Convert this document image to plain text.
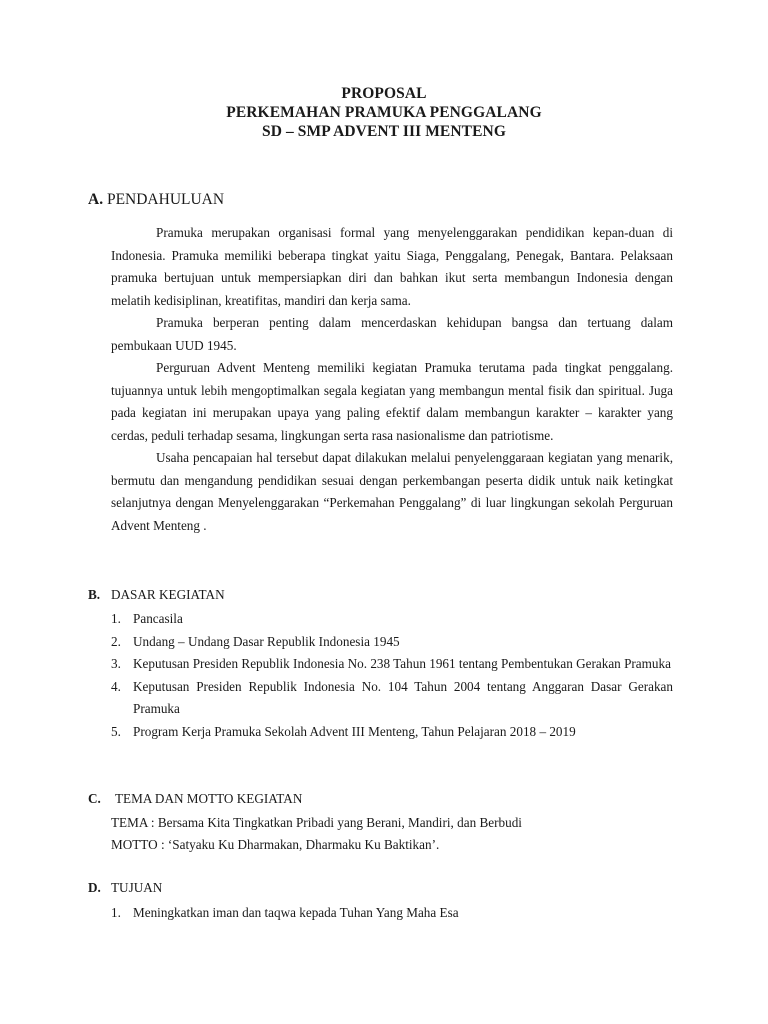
PROPOSAL
PERKEMAHAN PRAMUKA PENGGALANG
SD – SMP ADVENT III MENTENG
A. PENDAHULUAN

Pramuka merupakan organisasi formal yang menyelenggarakan pendidikan kepan-duan di Indonesia. Pramuka memiliki beberapa tingkat yaitu Siaga, Penggalang, Penegak, Bantara. Pelaksaan pramuka bertujuan untuk mempersiapkan diri dan bahkan ikut serta membangun Indonesia dengan melatih kedisiplinan, kreatifitas, mandiri dan kerja sama.

Pramuka berperan penting dalam mencerdaskan kehidupan bangsa dan tertuang dalam pembukaan UUD 1945.

Perguruan Advent Menteng memiliki kegiatan Pramuka terutama pada tingkat penggalang. tujuannya untuk lebih mengoptimalkan segala kegiatan yang membangun mental fisik dan spiritual. Juga pada kegiatan ini merupakan upaya yang paling efektif dalam membangun karakter – karakter yang cerdas, peduli terhadap sesama, lingkungan serta rasa nasionalisme dan patriotisme.

Usaha pencapaian hal tersebut dapat dilakukan melalui penyelenggaraan kegiatan yang menarik, bermutu dan mengandung pendidikan sesuai dengan perkembangan peserta didik untuk naik ketingkat selanjutnya dengan Menyelenggarakan “Perkemahan Penggalang” di luar lingkungan sekolah Perguruan Advent Menteng .

B. DASAR KEGIATAN
1. Pancasila
2. Undang – Undang Dasar Republik Indonesia 1945
3. Keputusan Presiden Republik Indonesia No. 238 Tahun 1961 tentang Pembentukan Gerakan Pramuka
4. Keputusan Presiden Republik Indonesia No. 104 Tahun 2004 tentang Anggaran Dasar Gerakan Pramuka
5. Program Kerja Pramuka Sekolah Advent III Menteng, Tahun Pelajaran 2018 – 2019
C. TEMA DAN MOTTO KEGIATAN
TEMA : Bersama Kita Tingkatkan Pribadi yang Berani, Mandiri, dan Berbudi
MOTTO : ‘Satyaku Ku Dharmakan, Dharmaku Ku Baktikan’.
D. TUJUAN
1. Meningkatkan iman dan taqwa kepada Tuhan Yang Maha Esa
